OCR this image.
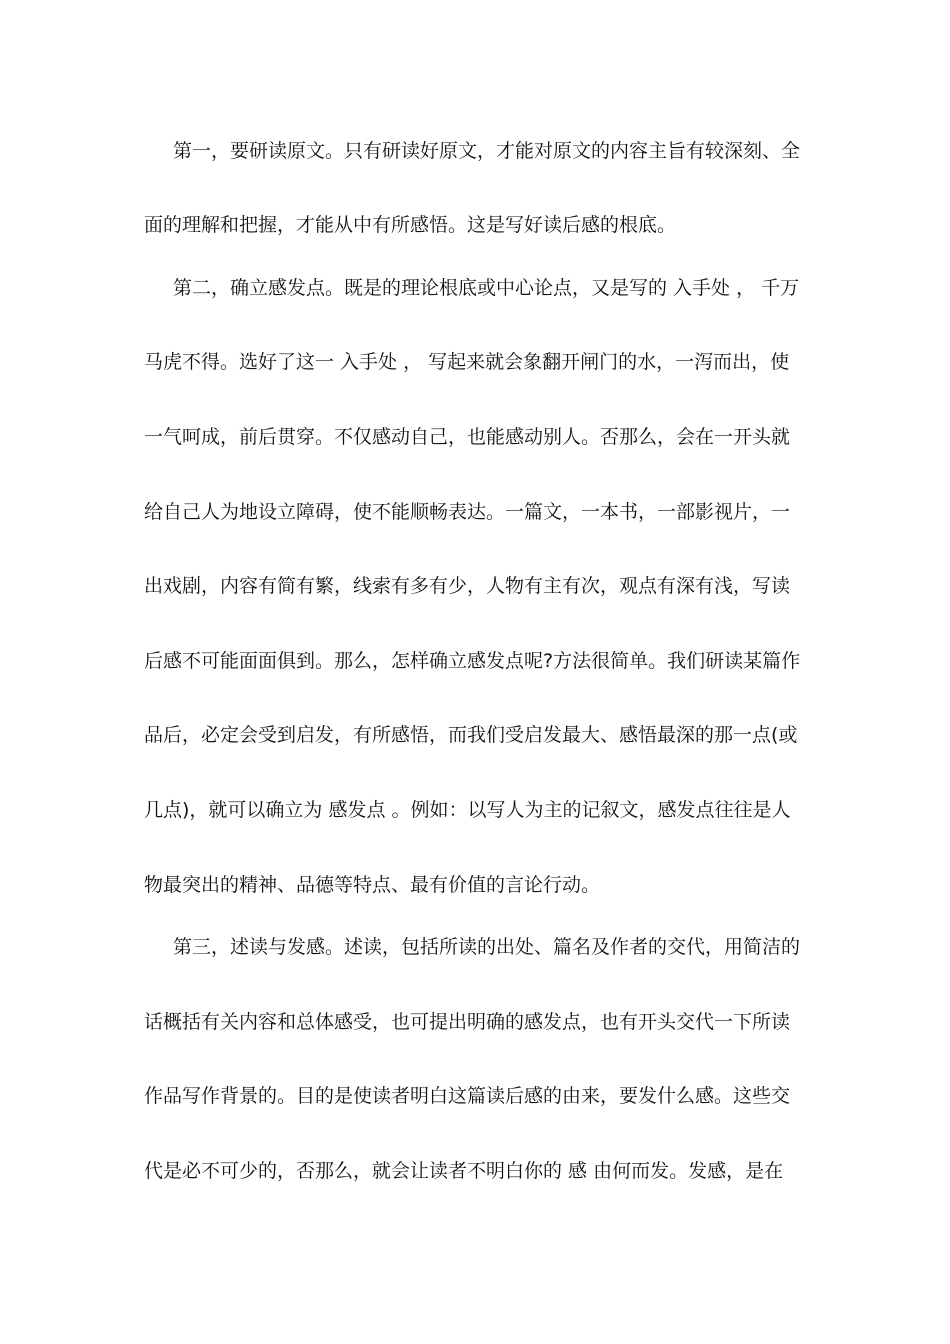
第一，要研读原文。只有研读好原文，才能对原文的内容主旨有较深刻、全
面的理解和把握，才能从中有所感悟。这是写好读后感的根底。
第二，确立感发点。既是的理论根底或中心论点，又是写的 入手处 ， 千万
马虎不得。选好了这一 入手处 ， 写起来就会象翻开闸门的水，一泻而出，使
一气呵成，前后贯穿。不仅感动自己，也能感动别人。否那么，会在一开头就
给自己人为地设立障碍，使不能顺畅表达。一篇文，一本书，一部影视片，一
出戏剧，内容有简有繁，线索有多有少，人物有主有次，观点有深有浅，写读
后感不可能面面俱到。那么，怎样确立感发点呢?方法很简单。我们研读某篇作
品后，必定会受到启发，有所感悟，而我们受启发最大、感悟最深的那一点(或
几点)，就可以确立为 感发点 。例如：以写人为主的记叙文，感发点往往是人
物最突出的精神、品德等特点、最有价值的言论行动。
第三，述读与发感。述读，包括所读的出处、篇名及作者的交代，用简洁的
话概括有关内容和总体感受，也可提出明确的感发点，也有开头交代一下所读
作品写作背景的。目的是使读者明白这篇读后感的由来，要发什么感。这些交
代是必不可少的，否那么，就会让读者不明白你的 感 由何而发。发感，是在
